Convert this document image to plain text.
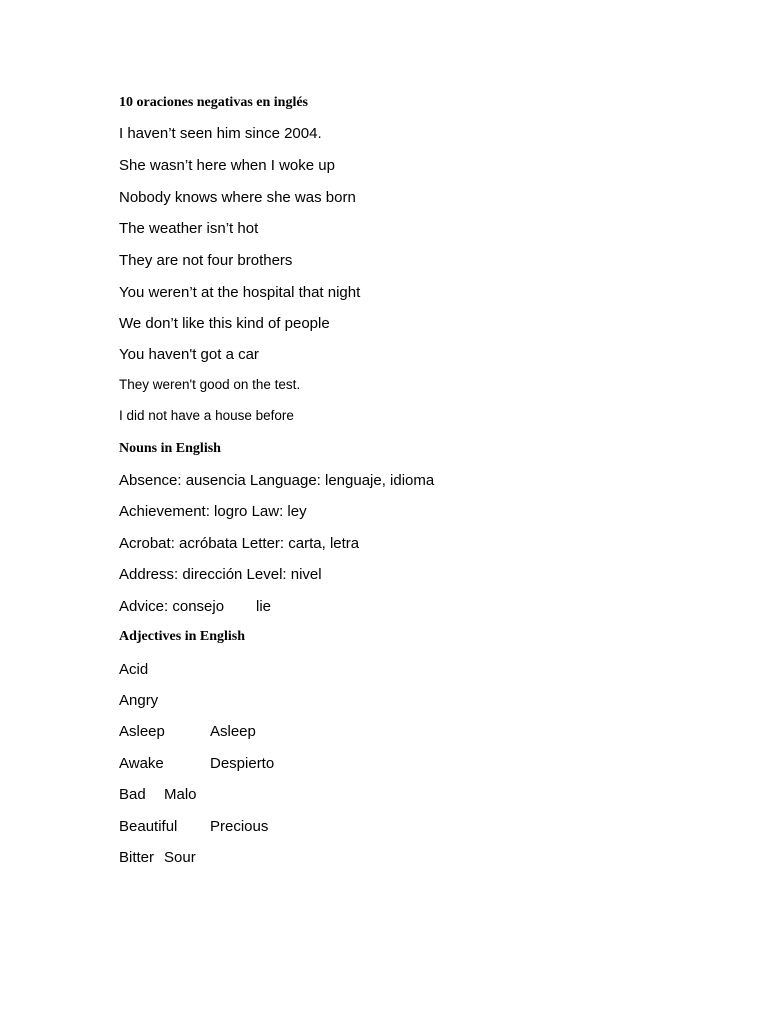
10 oraciones negativas en inglés
I haven’t seen him since 2004.
She wasn’t here when I woke up
Nobody knows where she was born
The weather isn’t hot
They are not four brothers
You weren’t at the hospital that night
We don’t like this kind of people
You haven't got a car
They weren't good on the test.
I did not have a house before
Nouns in English
Absence: ausencia Language: lenguaje, idioma
Achievement: logro Law: ley
Acrobat: acróbata Letter: carta, letra
Address: dirección Level: nivel
Advice: consejo lie
Adjectives in English
Acid
Angry
Asleep	Asleep
Awake	Despierto
Bad Malo
Beautiful Precious
Bitter Sour
